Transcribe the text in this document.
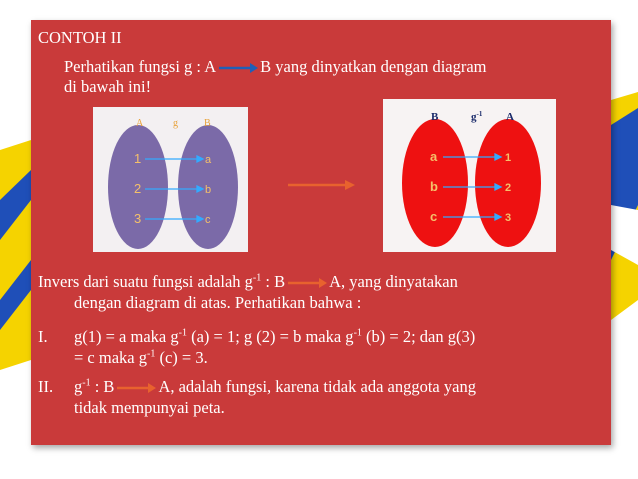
CONTOH II
Perhatikan fungsi g : A	B yang dinyatkan dengan diagram
di bawah ini!
A	g	B
1
2
3
a
b
c
B	$g^{-1}$ A
a
b
c
1
2
3
Invers dari suatu fungsi adalah $g^{-1}$ : B	A, yang dinyatakan
dengan diagram di atas. Perhatikan bahwa :
I. g(1) = a maka $g^{-1}$ (a) = 1; g (2) = b maka $g^{-1}$ (b) = 2; dan g(3)
= c maka $g^{-1}$ (c) = 3.
II. $g^{-1}$ : B	A, adalah fungsi, karena tidak ada anggota yang
tidak mempunyai peta.
